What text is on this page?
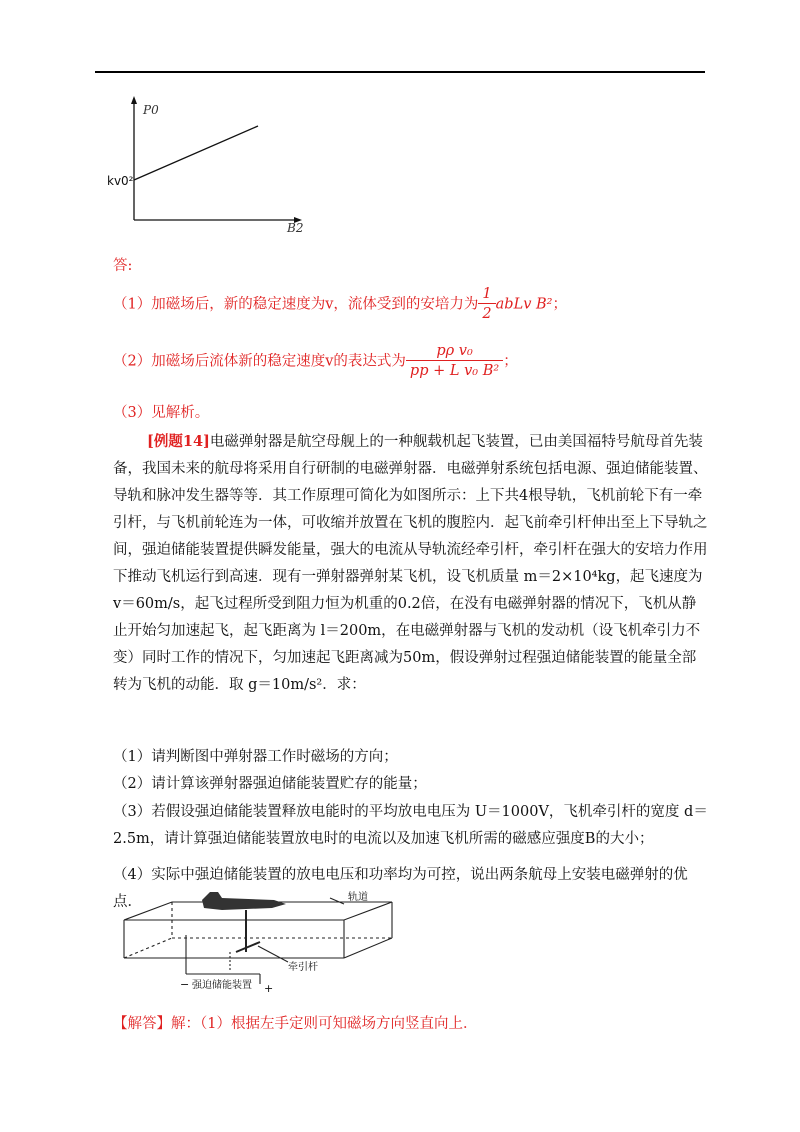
P0
B2
kv0²
答:
（1）加磁场后，新的稳定速度为v，流体受到的安培力为 $\frac{1}{2}$ abLv B²；
（2）加磁场后流体新的稳定速度v的表达式为 $\frac{\text{pρ v₀}}{\text{pp + L v₀ B²}}$ ；
（3）见解析。
[例题14]电磁弹射器是航空母舰上的一种舰载机起飞装置，已由美国福特号航母首先装备，我国未来的航母将采用自行研制的电磁弹射器．电磁弹射系统包括电源、强迫储能装置、导轨和脉冲发生器等等．其工作原理可简化为如图所示：上下共4根导轨，飞机前轮下有一牵引杆，与飞机前轮连为一体，可收缩并放置在飞机的腹腔内．起飞前牵引杆伸出至上下导轨之间，强迫储能装置提供瞬发能量，强大的电流从导轨流经牵引杆，牵引杆在强大的安培力作用下推动飞机运行到高速．现有一弹射器弹射某飞机，设飞机质量 m＝2×10⁴kg，起飞速度为 v＝60m/s，起飞过程所受到阻力恒为机重的0.2倍，在没有电磁弹射器的情况下，飞机从静止开始匀加速起飞，起飞距离为 l＝200m，在电磁弹射器与飞机的发动机（设飞机牵引力不变）同时工作的情况下，匀加速起飞距离减为50m，假设弹射过程强迫储能装置的能量全部转为飞机的动能．取 g＝10m/s²．求：
（1）请判断图中弹射器工作时磁场的方向；
（2）请计算该弹射器强迫储能装置贮存的能量；
（3）若假设强迫储能装置释放电能时的平均放电电压为 U＝1000V，飞机牵引杆的宽度 d＝2.5m，请计算强迫储能装置放电时的电流以及加速飞机所需的磁感应强度B的大小；
（4）实际中强迫储能装置的放电电压和功率均为可控，说出两条航母上安装电磁弹射的优点．	轨道
牵引杆
强迫储能装置
−	+
【解答】解：（1）根据左手定则可知磁场方向竖直向上．
